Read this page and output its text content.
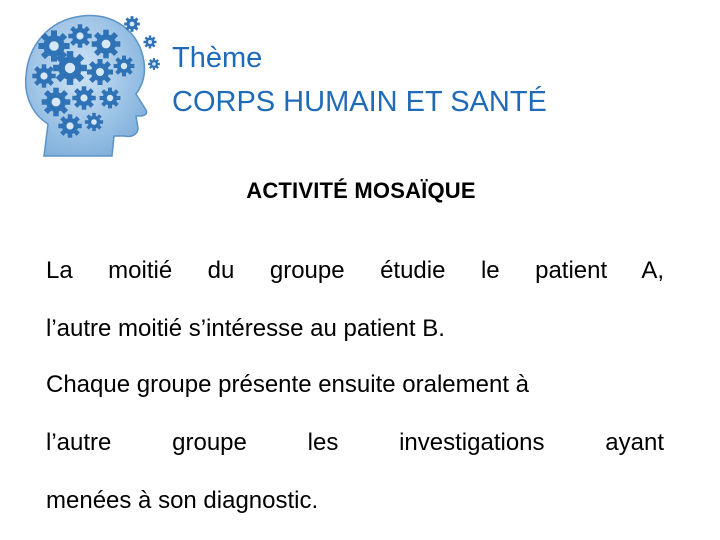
Thème
CORPS HUMAIN ET SANTÉ
ACTIVITÉ MOSAÏQUE
La moitié du groupe étudie le patient A,
l’autre moitié s’intéresse au patient B.
Chaque groupe présente ensuite oralement à
l’autre groupe les investigations ayant
menées à son diagnostic.
